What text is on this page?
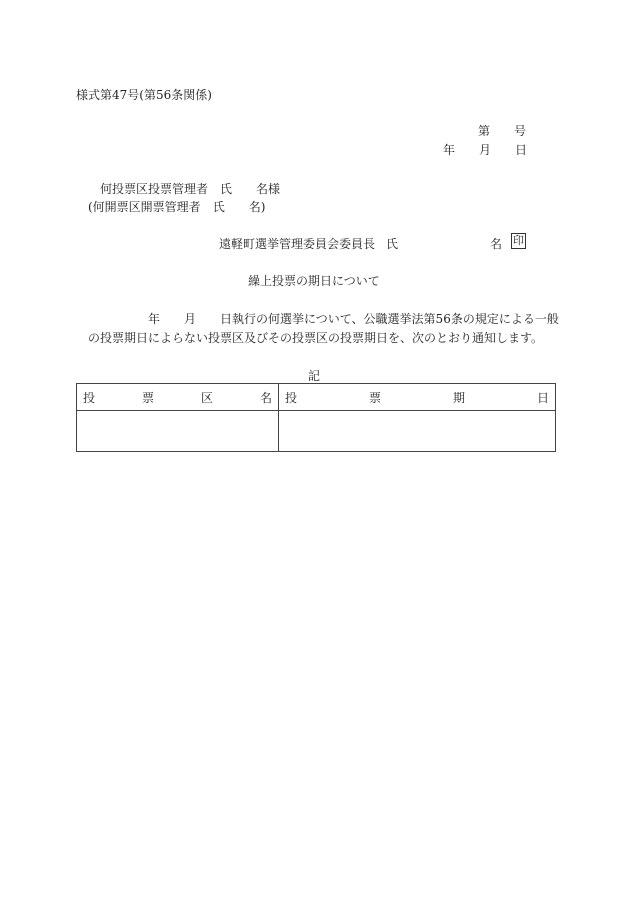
様式第47号(第56条関係)
第 号
年 月 日
何投票区投票管理者 氏 名様
(何開票区開票管理者 氏 名)
遠軽町選挙管理委員会委員長 氏	名 印
繰上投票の期日について
年 月 日執行の何選挙について、公職選挙法第56条の規定による一般
の投票期日によらない投票区及びその投票区の投票期日を、次のとおり通知します。
記
投 票 区 名	投 票 期 日
